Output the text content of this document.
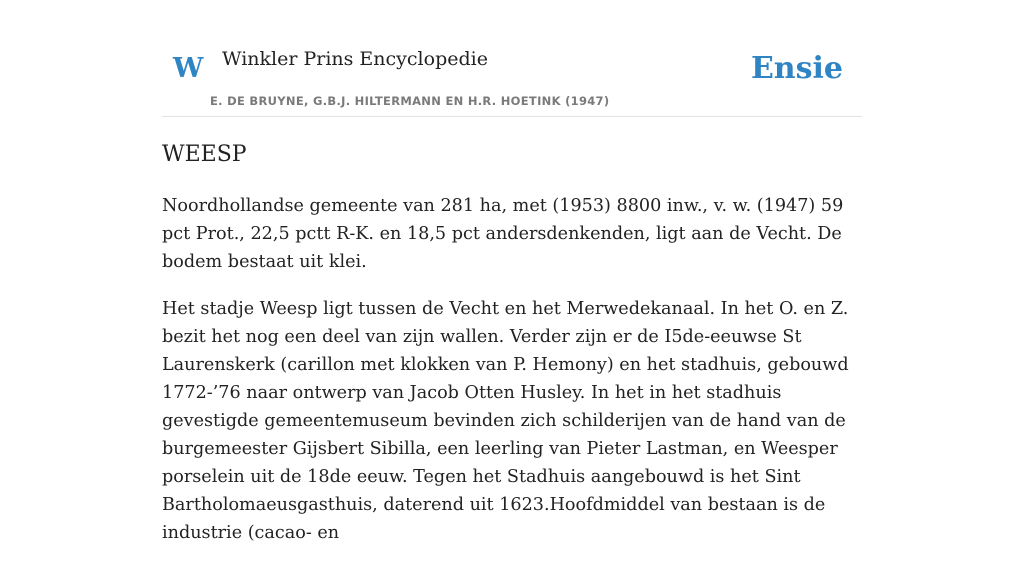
W Winkler Prins Encyclopedie
E. DE BRUYNE, G.B.J. HILTERMANN EN H.R. HOETINK (1947)
Ensie
WEESP

Noordhollandse gemeente van 281 ha, met (1953) 8800 inw., v. w. (1947) 59 pct Prot., 22,5 pctt R-K. en 18,5 pct andersdenkenden, ligt aan de Vecht. De bodem bestaat uit klei.

Het stadje Weesp ligt tussen de Vecht en het Merwedekanaal. In het O. en Z. bezit het nog een deel van zijn wallen. Verder zijn er de I5de-eeuwse St Laurenskerk (carillon met klokken van P. Hemony) en het stadhuis, gebouwd 1772-’76 naar ontwerp van Jacob Otten Husley. In het in het stadhuis gevestigde gemeentemuseum bevinden zich schilderijen van de hand van de burgemeester Gijsbert Sibilla, een leerling van Pieter Lastman, en Weesper porselein uit de 18de eeuw. Tegen het Stadhuis aangebouwd is het Sint Bartholomaeusgasthuis, daterend uit 1623.Hoofdmiddel van bestaan is de industrie (cacao- en
